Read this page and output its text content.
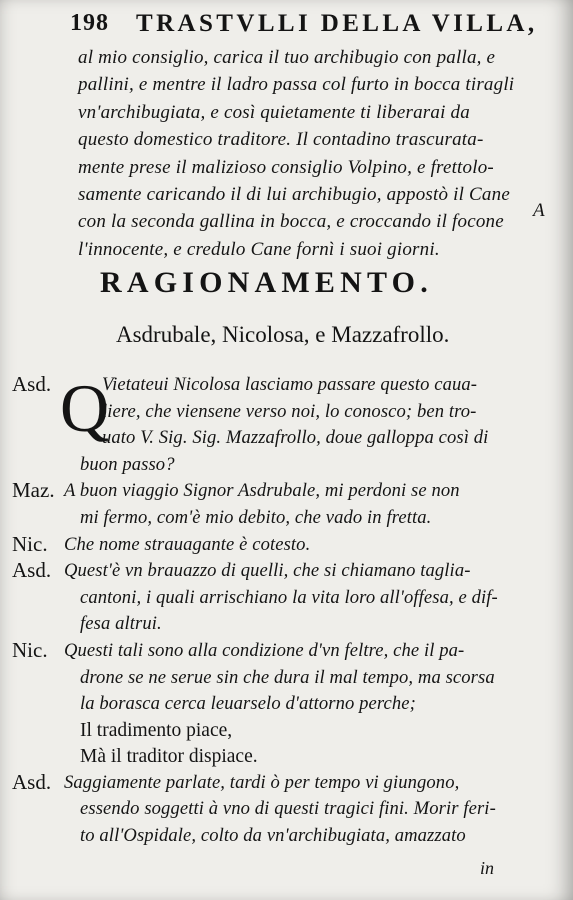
198 TRASTVLLI DELLA VILLA,
al mio consiglio, carica il tuo archibugio con palla, e
pallini, e mentre il ladro passa col furto in bocca tiragli
vn'archibugiata, e così quietamente ti liberarai da
questo domestico traditore. Il contadino trascurata-
mente prese il malizioso consiglio Volpino, e frettolo-
samente caricando il di lui archibugio, appostò il Cane
con la seconda gallina in bocca, e croccando il focone
l'innocente, e credulo Cane fornì i suoi giorni.
A
RAGIONAMENTO.
Asdrubale, Nicolosa, e Mazzafrollo.
Asd. Q
Vietateui Nicolosa lasciamo passare questo caua-
liere, che viensene verso noi, lo conosco; ben tro-
uato V. Sig. Sig. Mazzafrollo, doue galloppa così di
buon passo?
Maz. A buon viaggio Signor Asdrubale, mi perdoni se non
mi fermo, com'è mio debito, che vado in fretta.
Nic. Che nome strauagante è cotesto.
Asd. Quest'è vn brauazzo di quelli, che si chiamano taglia-
cantoni, i quali arrischiano la vita loro all'offesa, e dif-
fesa altrui.
Nic. Questi tali sono alla condizione d'vn feltre, che il pa-
drone se ne serue sin che dura il mal tempo, ma scorsa
la borasca cerca leuarselo d'attorno perche;
Il tradimento piace,
Mà il traditor dispiace.
Asd. Saggiamente parlate, tardi ò per tempo vi giungono,
essendo soggetti à vno di questi tragici fini. Morir feri-
to all'Ospidale, colto da vn'archibugiata, amazzato
in
